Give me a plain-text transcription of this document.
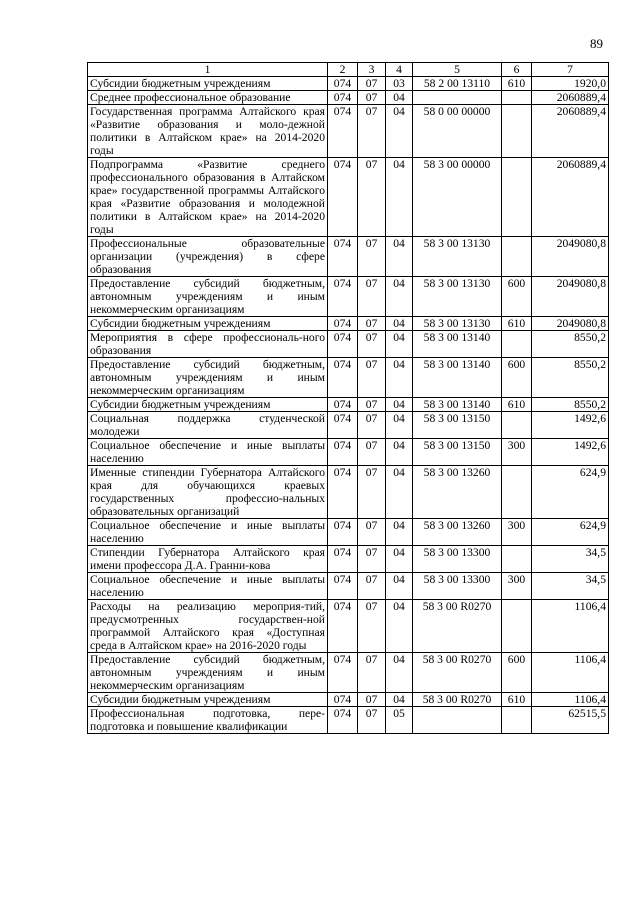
89
1	2	3	4	5	6	7
Субсидии бюджетным учреждениям	074	07	03	58 2 00 13110	610	1920,0
Среднее профессиональное образование	074	07	04			2060889,4
Государственная программа Алтайского края «Развитие образования и моло-дежной политики в Алтайском крае» на 2014-2020 годы	074	07	04	58 0 00 00000		2060889,4
Подпрограмма «Развитие среднего профессионального образования в Алтайском крае» государственной программы Алтайского края «Развитие образования и молодежной политики в Алтайском крае» на 2014-2020 годы	074	07	04	58 3 00 00000		2060889,4
Профессиональные образовательные организации (учреждения) в сфере образования	074	07	04	58 3 00 13130		2049080,8
Предоставление субсидий бюджетным, автономным учреждениям и иным некоммерческим организациям	074	07	04	58 3 00 13130	600	2049080,8
Субсидии бюджетным учреждениям	074	07	04	58 3 00 13130	610	2049080,8
Мероприятия в сфере профессиональ-ного образования	074	07	04	58 3 00 13140		8550,2
Предоставление субсидий бюджетным, автономным учреждениям и иным некоммерческим организациям	074	07	04	58 3 00 13140	600	8550,2
Субсидии бюджетным учреждениям	074	07	04	58 3 00 13140	610	8550,2
Социальная поддержка студенческой молодежи	074	07	04	58 3 00 13150		1492,6
Социальное обеспечение и иные выплаты населению	074	07	04	58 3 00 13150	300	1492,6
Именные стипендии Губернатора Алтайского края для обучающихся краевых государственных профессио-нальных образовательных организаций	074	07	04	58 3 00 13260		624,9
Социальное обеспечение и иные выплаты населению	074	07	04	58 3 00 13260	300	624,9
Стипендии Губернатора Алтайского края имени профессора Д.А. Гранни-кова	074	07	04	58 3 00 13300		34,5
Социальное обеспечение и иные выплаты населению	074	07	04	58 3 00 13300	300	34,5
Расходы на реализацию мероприя-тий, предусмотренных государствен-ной программой Алтайского края «Доступная среда в Алтайском крае» на 2016-2020 годы	074	07	04	58 3 00 R0270		1106,4
Предоставление субсидий бюджетным, автономным учреждениям и иным некоммерческим организациям	074	07	04	58 3 00 R0270	600	1106,4
Субсидии бюджетным учреждениям	074	07	04	58 3 00 R0270	610	1106,4
Профессиональная подготовка, пере-подготовка и повышение квалификации	074	07	05			62515,5
